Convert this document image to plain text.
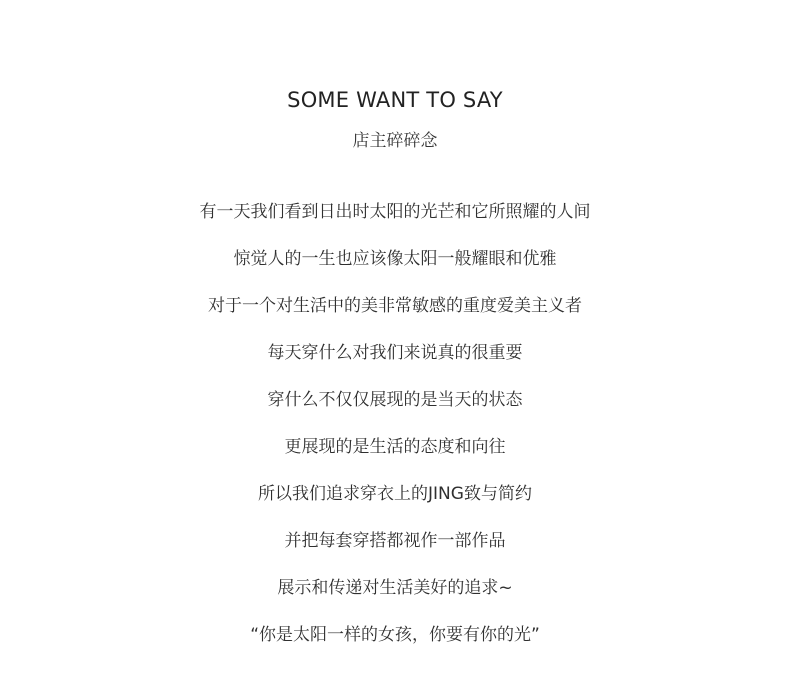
SOME WANT TO SAY
店主碎碎念
有一天我们看到日出时太阳的光芒和它所照耀的人间
惊觉人的一生也应该像太阳一般耀眼和优雅
对于一个对生活中的美非常敏感的重度爱美主义者
每天穿什么对我们来说真的很重要
穿什么不仅仅展现的是当天的状态
更展现的是生活的态度和向往
所以我们追求穿衣上的JING致与简约
并把每套穿搭都视作一部作品
展示和传递对生活美好的追求~
“你是太阳一样的女孩，你要有你的光”
